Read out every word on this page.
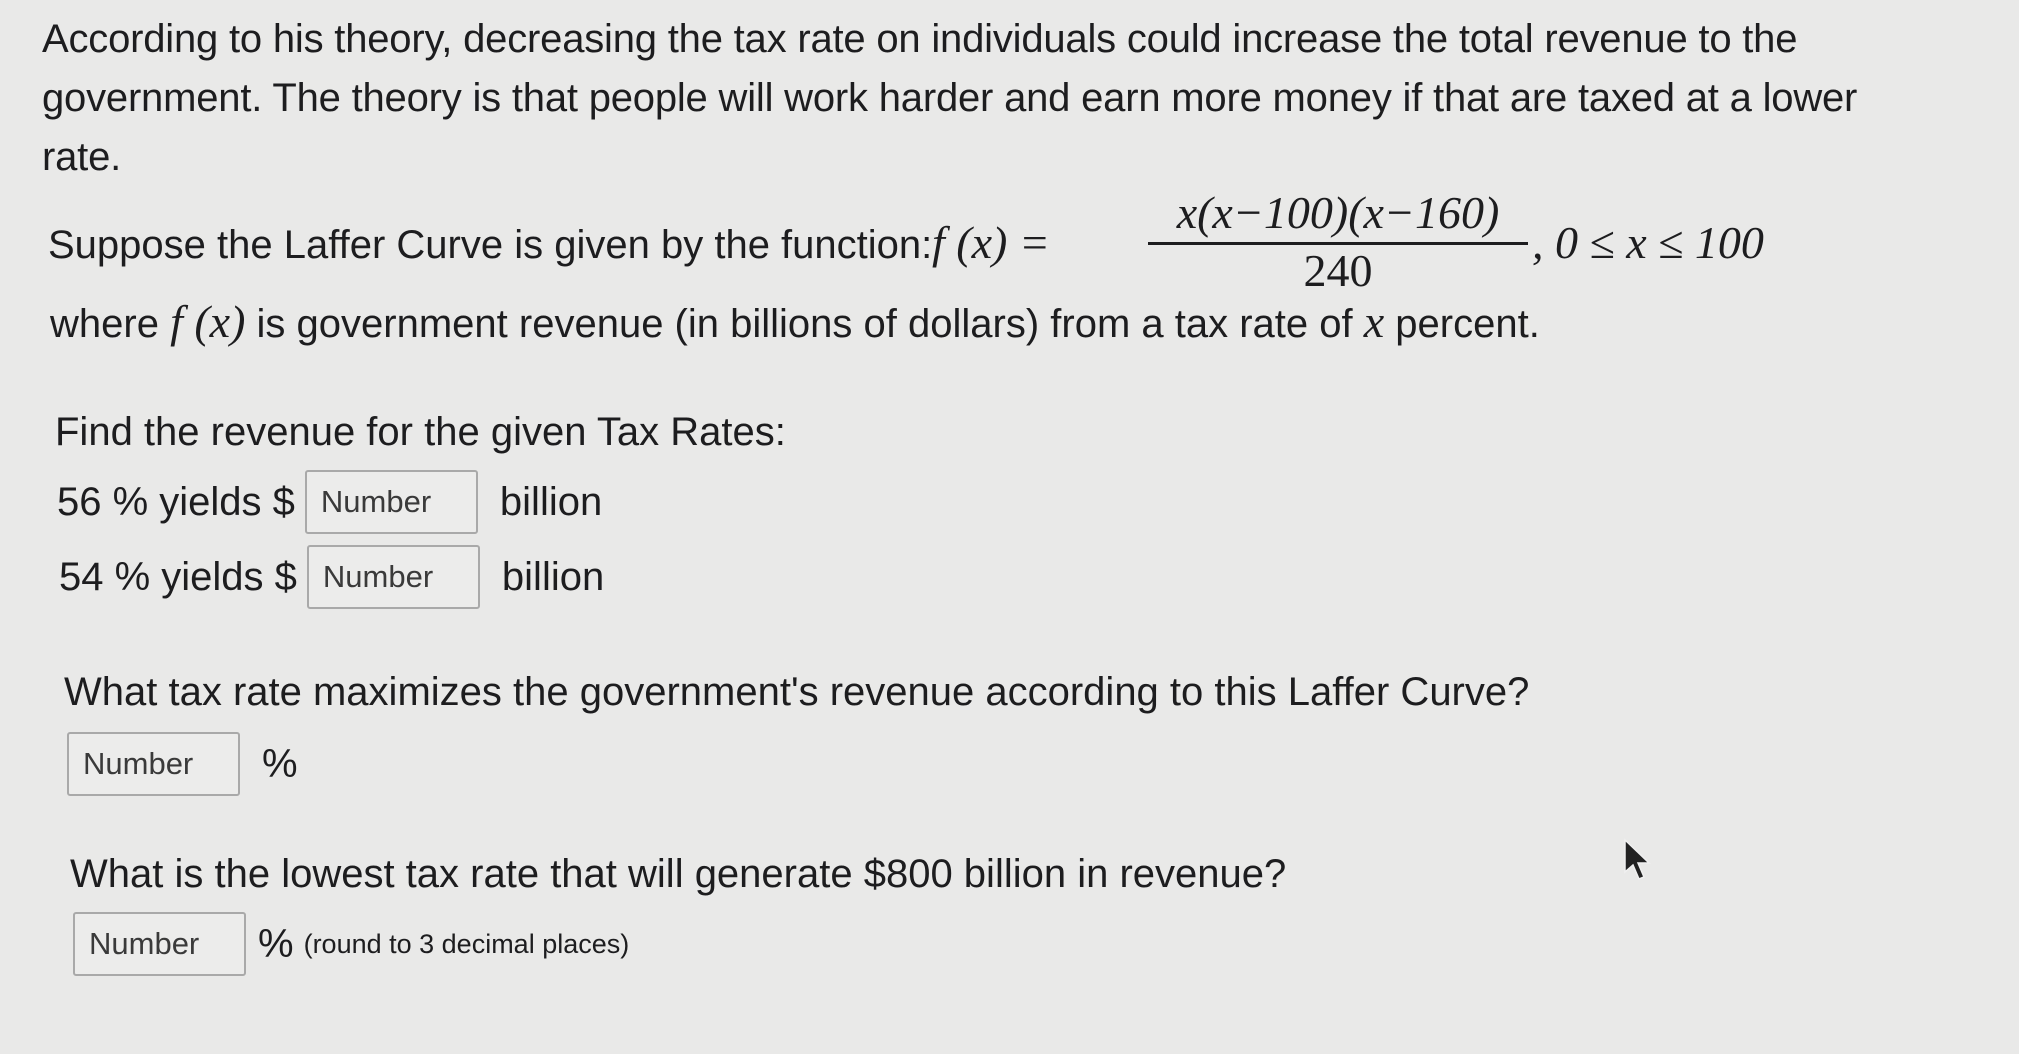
According to his theory, decreasing the tax rate on individuals could increase the total revenue to the government. The theory is that people will work harder and earn more money if that are taxed at a lower rate.
Suppose the Laffer Curve is given by the function: f (x) =
x(x−100)(x−160)
240
, 0 ≤ x ≤ 100
where f (x) is government revenue (in billions of dollars) from a tax rate of x percent.
Find the revenue for the given Tax Rates:
56 % yields $
Number	billion
54 % yields $
Number	billion
What tax rate maximizes the government's revenue according to this Laffer Curve?
Number
%
What is the lowest tax rate that will generate $800 billion in revenue?
Number
% (round to 3 decimal places)
